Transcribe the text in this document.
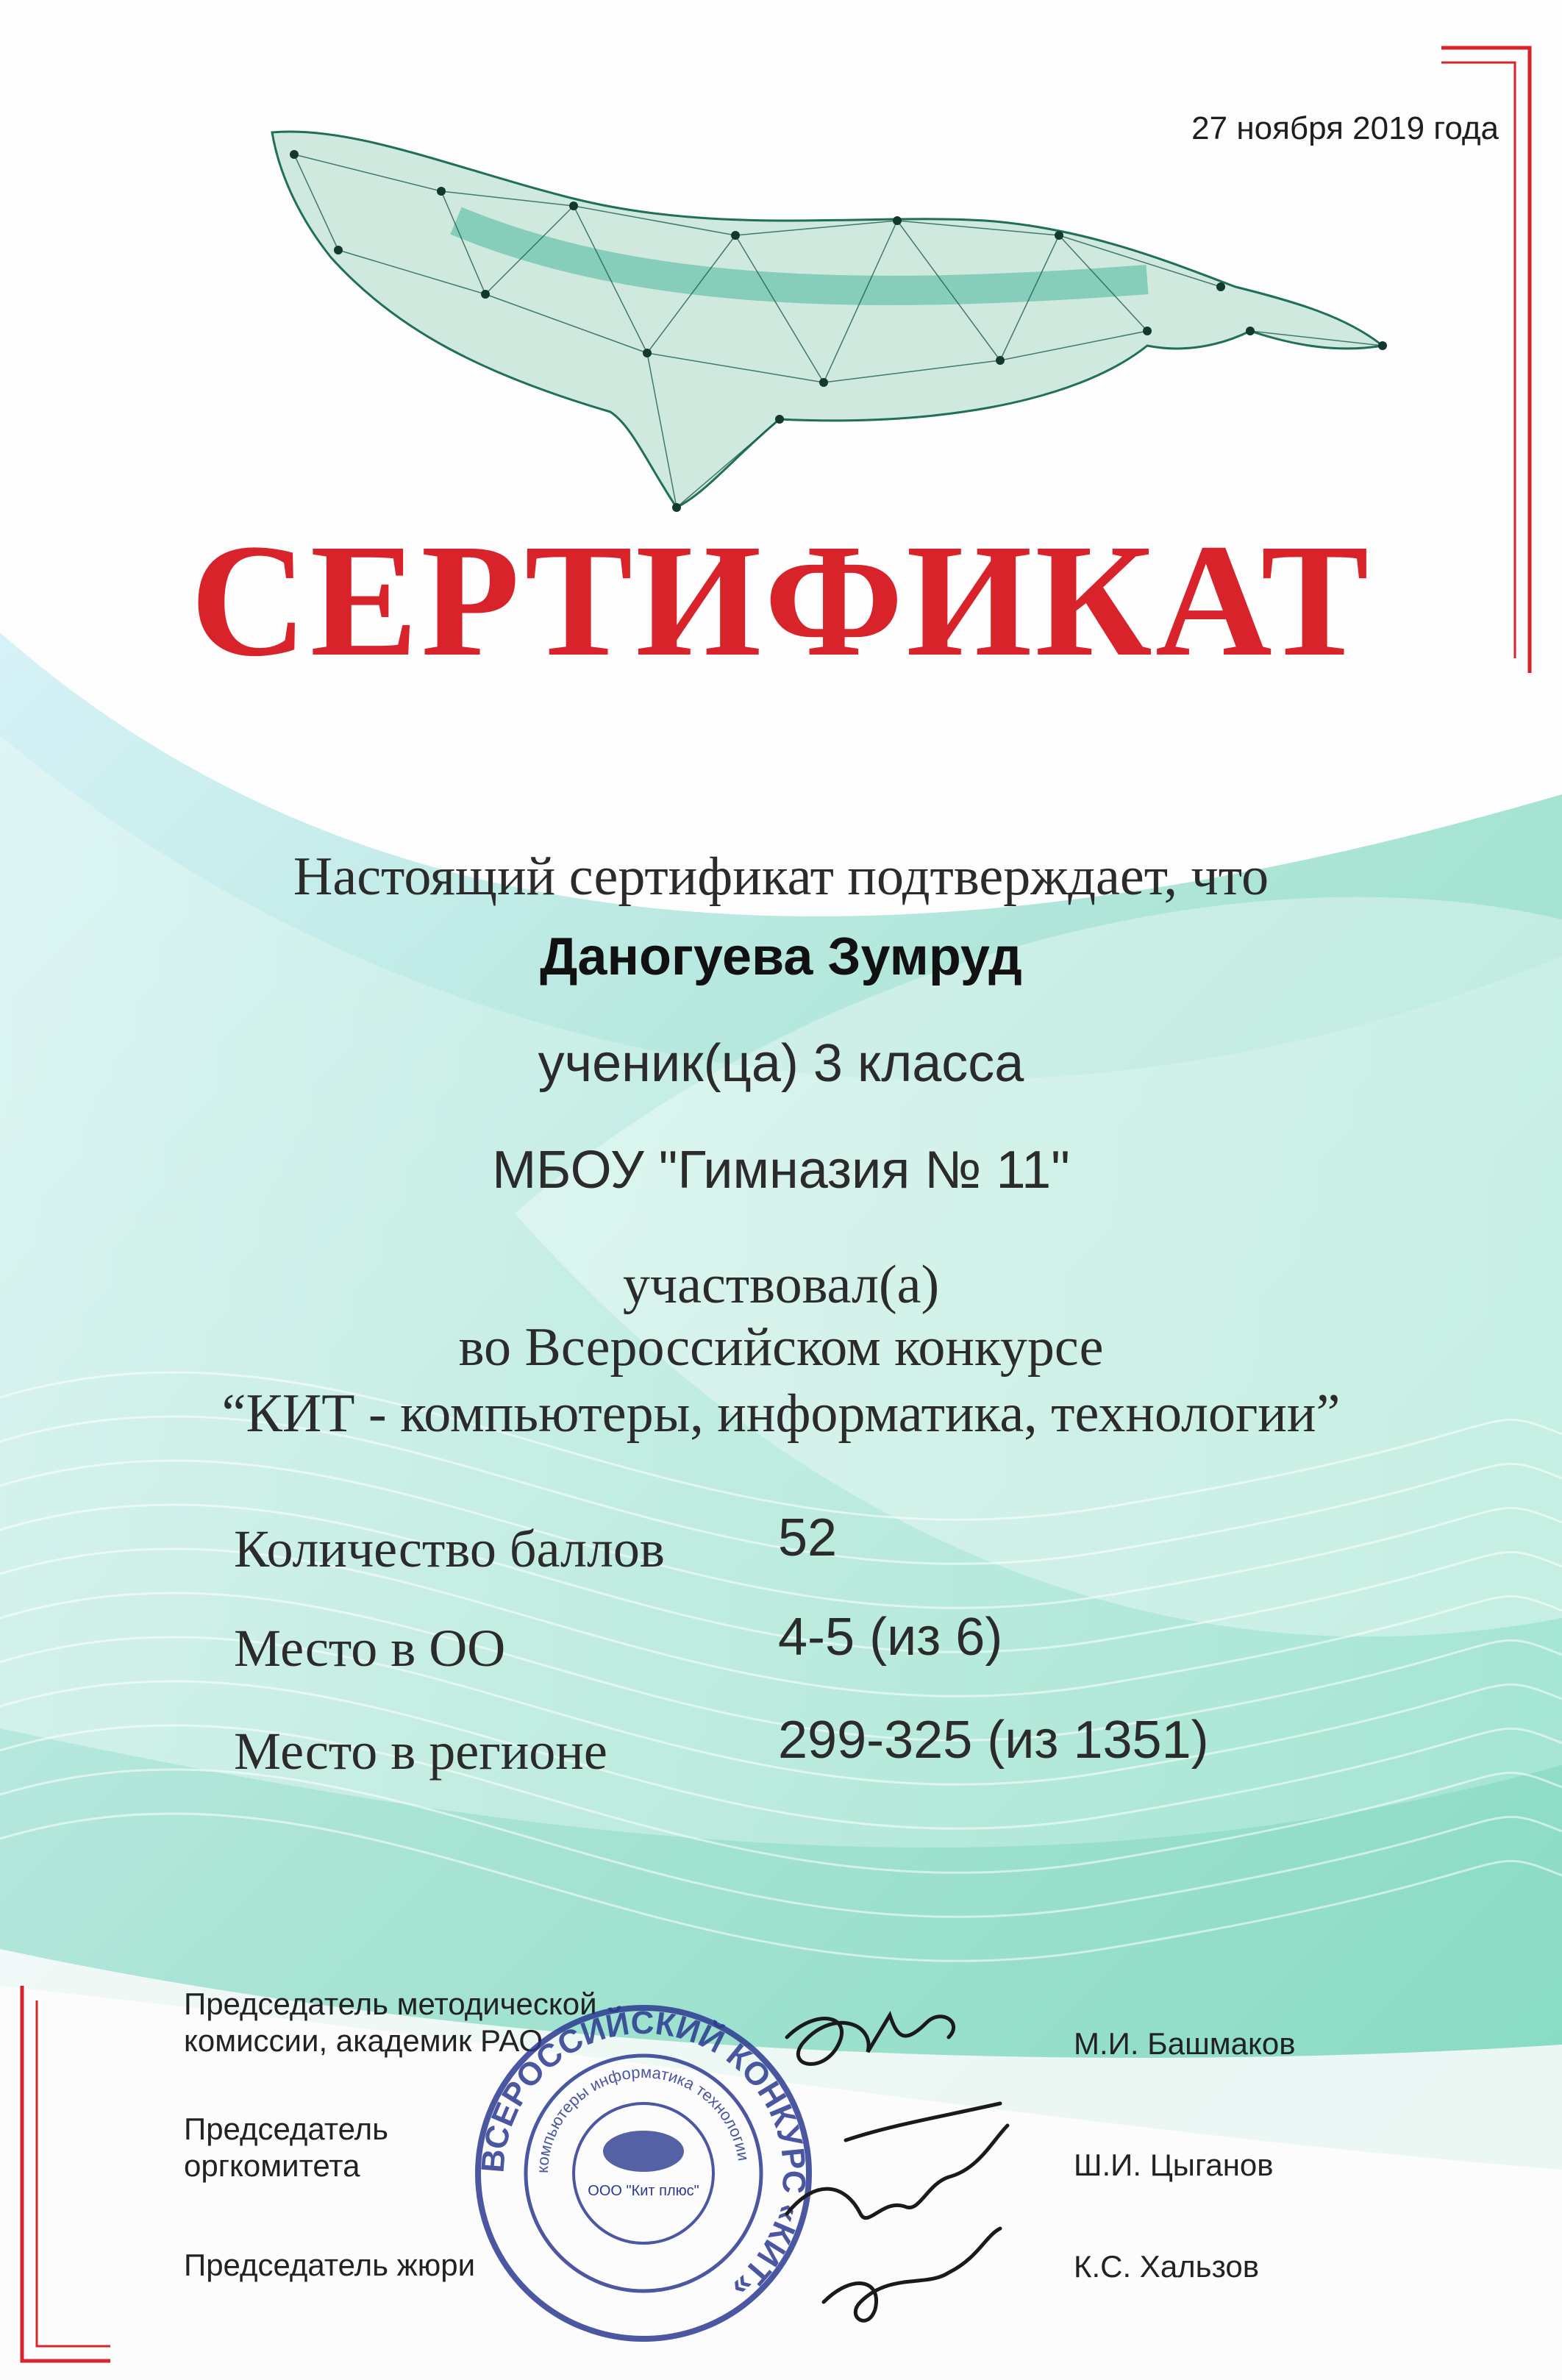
27 ноября 2019 года
СЕРТИФИКАТ
Настоящий сертификат подтверждает, что
Даногуева Зумруд
ученик(ца) 3 класса
МБОУ "Гимназия № 11"
участвовал(а)
во Всероссийском конкурсе
“КИТ - компьютеры, информатика, технологии”
Количество баллов 52
Место в ОО	4-5 (из 6)
Место в регионе	299-325 (из 1351)
Председатель методической
комиссии, академик РАО	М.И. Башмаков
Председатель
оргкомитета	Ш.И. Цыганов
Председатель жюри	К.С. Хальзов
ВСЕРОССИЙСКИЙ КОНКУРС «КИТ»
компьютеры информатика технологии
ООО "Кит плюс"
